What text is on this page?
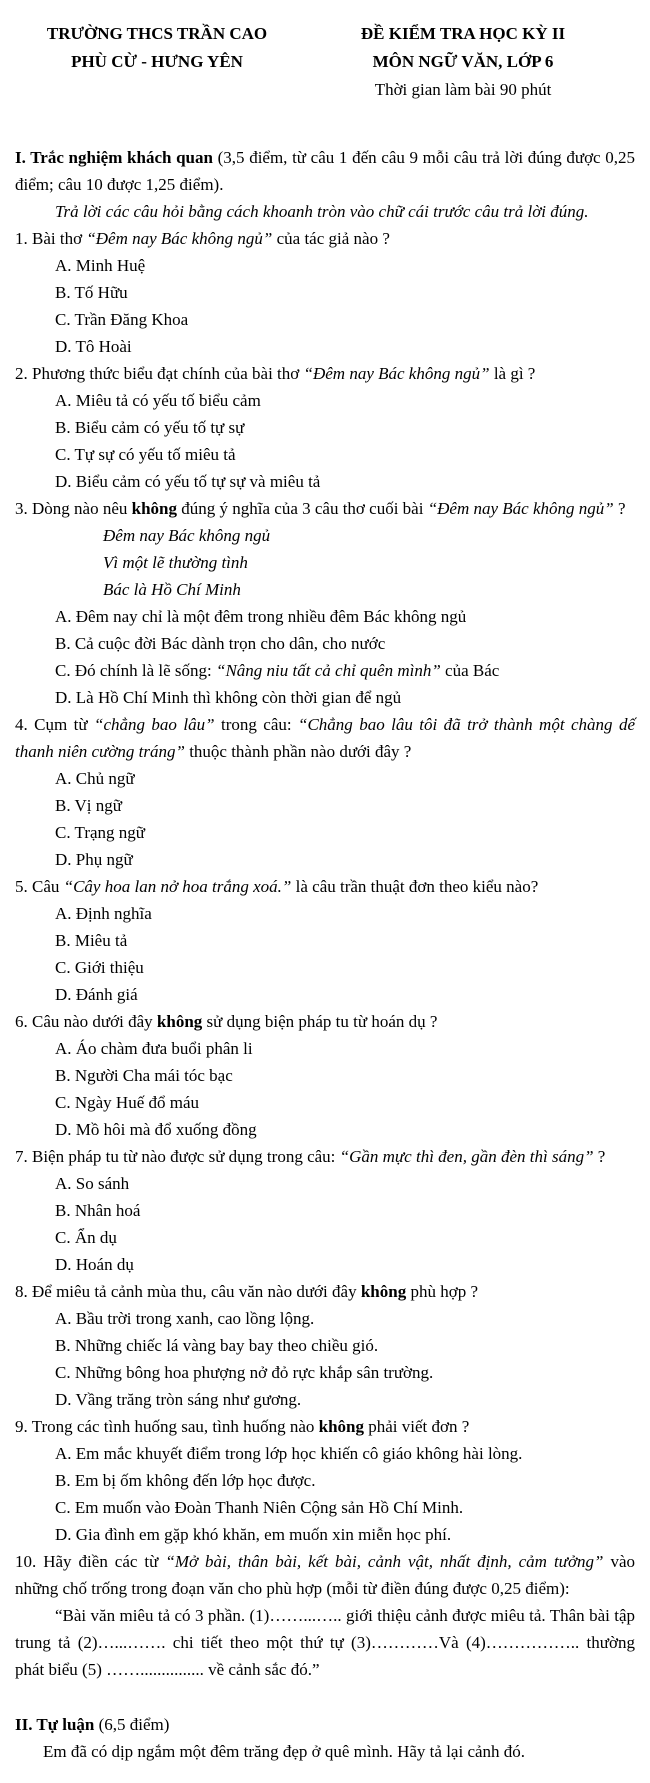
TRƯỜNG THCS TRẦN CAO

PHÙ CỪ - HƯNG YÊN

ĐỀ KIỂM TRA HỌC KỲ II

MÔN NGỮ VĂN, LỚP 6

Thời gian làm bài 90 phút

I. Trắc nghiệm khách quan (3,5 điểm, từ câu 1 đến câu 9 mỗi câu trả lời đúng được 0,25 điểm; câu 10 được 1,25 điểm).

Trả lời các câu hỏi bằng cách khoanh tròn vào chữ cái trước câu trả lời đúng.

1. Bài thơ “Đêm nay Bác không ngủ” của tác giả nào ?

A. Minh Huệ

B. Tố Hữu

C. Trần Đăng Khoa

D. Tô Hoài

2. Phương thức biểu đạt chính của bài thơ “Đêm nay Bác không ngủ” là gì ?

A. Miêu tả có yếu tố biểu cảm

B. Biểu cảm có yếu tố tự sự

C. Tự sự có yếu tố miêu tả

D. Biểu cảm có yếu tố tự sự và miêu tả

3. Dòng nào nêu không đúng ý nghĩa của 3 câu thơ cuối bài “Đêm nay Bác không ngủ” ?

Đêm nay Bác không ngủ

Vì một lẽ thường tình

Bác là Hồ Chí Minh

A. Đêm nay chỉ là một đêm trong nhiều đêm Bác không ngủ

B. Cả cuộc đời Bác dành trọn cho dân, cho nước

C. Đó chính là lẽ sống: “Nâng niu tất cả chỉ quên mình” của Bác

D. Là Hồ Chí Minh thì không còn thời gian để ngủ

4. Cụm từ “chẳng bao lâu” trong câu: “Chẳng bao lâu tôi đã trở thành một chàng dế thanh niên cường tráng” thuộc thành phần nào dưới đây ?

A. Chủ ngữ

B. Vị ngữ

C. Trạng ngữ

D. Phụ ngữ

5. Câu “Cây hoa lan nở hoa trắng xoá.” là câu trần thuật đơn theo kiểu nào?

A. Định nghĩa

B. Miêu tả

C. Giới thiệu

D. Đánh giá

6. Câu nào dưới đây không sử dụng biện pháp tu từ hoán dụ ?

A. Áo chàm đưa buổi phân li

B. Người Cha mái tóc bạc

C. Ngày Huế đổ máu

D. Mồ hôi mà đổ xuống đồng

7. Biện pháp tu từ nào được sử dụng trong câu: “Gần mực thì đen, gần đèn thì sáng” ?

A. So sánh

B. Nhân hoá

C. Ẩn dụ

D. Hoán dụ

8. Để miêu tả cảnh mùa thu, câu văn nào dưới đây không phù hợp ?

A. Bầu trời trong xanh, cao lồng lộng.

B. Những chiếc lá vàng bay bay theo chiều gió.

C. Những bông hoa phượng nở đỏ rực khắp sân trường.

D. Vầng trăng tròn sáng như gương.

9. Trong các tình huống sau, tình huống nào không phải viết đơn ?

A. Em mắc khuyết điểm trong lớp học khiến cô giáo không hài lòng.

B. Em bị ốm không đến lớp học được.

C. Em muốn vào Đoàn Thanh Niên Cộng sản Hồ Chí Minh.

D. Gia đình em gặp khó khăn, em muốn xin miễn học phí.

10. Hãy điền các từ “Mở bài, thân bài, kết bài, cảnh vật, nhất định, cảm tưởng” vào những chố trống trong đoạn văn cho phù hợp (mỗi từ điền đúng được 0,25 điểm):

“Bài văn miêu tả có 3 phần. (1)……...….. giới thiệu cảnh được miêu tả. Thân bài tập trung tả (2)…...……. chi tiết theo một thứ tự (3)…………Và (4)…………….. thường phát biểu (5) ……............... về cảnh sắc đó.”

II. Tự luận (6,5 điểm)

Em đã có dịp ngắm một đêm trăng đẹp ở quê mình. Hãy tả lại cảnh đó.
